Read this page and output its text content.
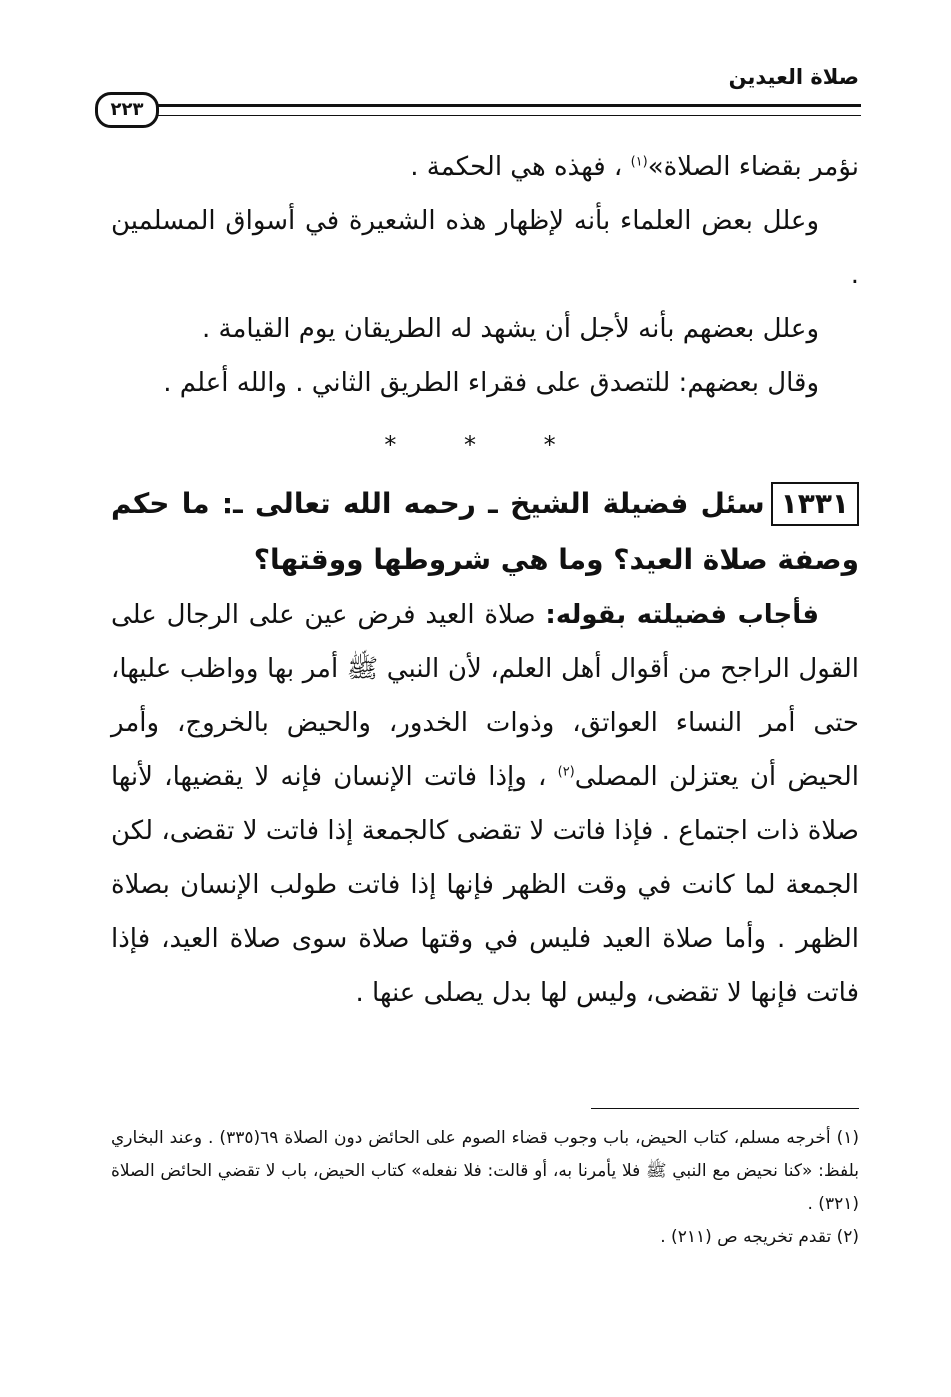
صلاة العيدين
٢٢٣

نؤمر بقضاء الصلاة»$^{(١)}$ ، فهذه هي الحكمة .

وعلل بعض العلماء بأنه لإظهار هذه الشعيرة في أسواق المسلمين .

وعلل بعضهم بأنه لأجل أن يشهد له الطريقان يوم القيامة .

وقال بعضهم: للتصدق على فقراء الطريق الثاني . والله أعلم .

* * *

١٣٣١سئل فضيلة الشيخ ـ رحمه الله تعالى ـ: ما حكم وصفة صلاة العيد؟ وما هي شروطها ووقتها؟

فأجاب فضيلته بقوله: صلاة العيد فرض عين على الرجال على القول الراجح من أقوال أهل العلم، لأن النبي ﷺ أمر بها وواظب عليها، حتى أمر النساء العواتق، وذوات الخدور، والحيض بالخروج، وأمر الحيض أن يعتزلن المصلى$^{(٢)}$ ، وإذا فاتت الإنسان فإنه لا يقضيها، لأنها صلاة ذات اجتماع . فإذا فاتت لا تقضى كالجمعة إذا فاتت لا تقضى، لكن الجمعة لما كانت في وقت الظهر فإنها إذا فاتت طولب الإنسان بصلاة الظهر . وأما صلاة العيد فليس في وقتها صلاة سوى صلاة العيد، فإذا فاتت فإنها لا تقضى، وليس لها بدل يصلى عنها .

(١) أخرجه مسلم، كتاب الحيض، باب وجوب قضاء الصوم على الحائض دون الصلاة ٦٩(٣٣٥) . وعند البخاري بلفظ: «كنا نحيض مع النبي ﷺ فلا يأمرنا به، أو قالت: فلا نفعله» كتاب الحيض، باب لا تقضي الحائض الصلاة (٣٢١) .

(٢) تقدم تخريجه ص (٢١١) .
